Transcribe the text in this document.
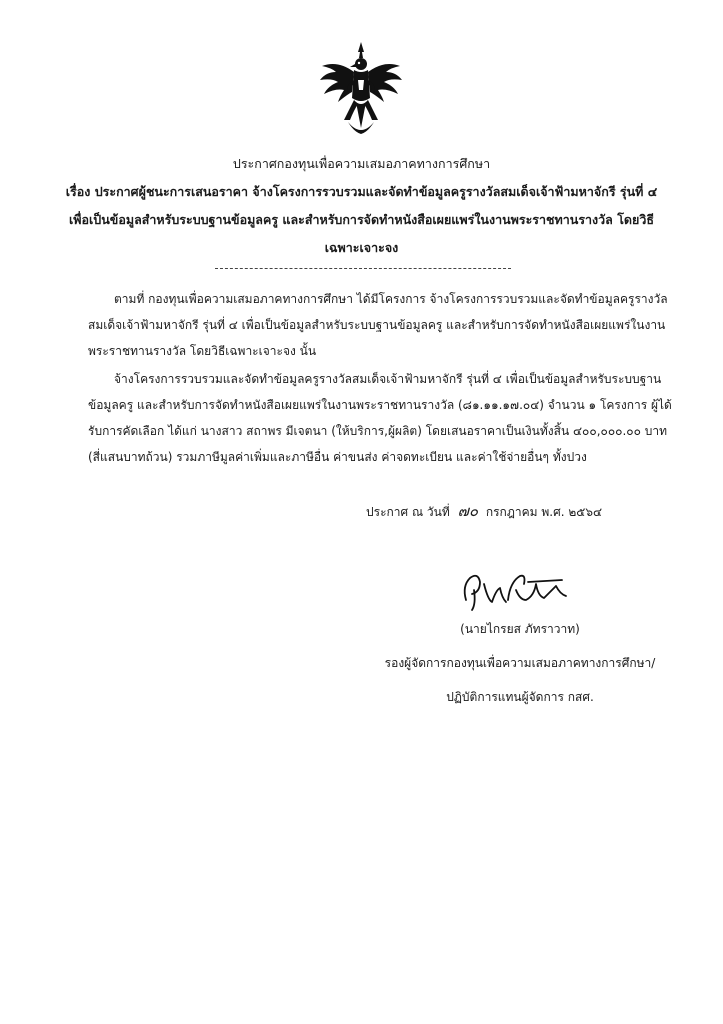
ประกาศกองทุนเพื่อความเสมอภาคทางการศึกษา
เรื่อง ประกาศผู้ชนะการเสนอราคา จ้างโครงการรวบรวมและจัดทำข้อมูลครูรางวัลสมเด็จเจ้าฟ้ามหาจักรี รุ่นที่ ๔
เพื่อเป็นข้อมูลสำหรับระบบฐานข้อมูลครู และสำหรับการจัดทำหนังสือเผยแพร่ในงานพระราชทานรางวัล โดยวิธี
เฉพาะเจาะจง
ตามที่ กองทุนเพื่อความเสมอภาคทางการศึกษา ได้มีโครงการ จ้างโครงการรวบรวมและจัดทำข้อมูลครูรางวัล
สมเด็จเจ้าฟ้ามหาจักรี รุ่นที่ ๔ เพื่อเป็นข้อมูลสำหรับระบบฐานข้อมูลครู และสำหรับการจัดทำหนังสือเผยแพร่ในงาน
พระราชทานรางวัล โดยวิธีเฉพาะเจาะจง นั้น
จ้างโครงการรวบรวมและจัดทำข้อมูลครูรางวัลสมเด็จเจ้าฟ้ามหาจักรี รุ่นที่ ๔ เพื่อเป็นข้อมูลสำหรับระบบฐาน
ข้อมูลครู และสำหรับการจัดทำหนังสือเผยแพร่ในงานพระราชทานรางวัล (๘๑.๑๑.๑๗.๐๔) จำนวน ๑ โครงการ ผู้ได้
รับการคัดเลือก ได้แก่ นางสาว สถาพร มีเจตนา (ให้บริการ,ผู้ผลิต) โดยเสนอราคาเป็นเงินทั้งสิ้น ๔๐๐,๐๐๐.๐๐ บาท
(สี่แสนบาทถ้วน) รวมภาษีมูลค่าเพิ่มและภาษีอื่น ค่าขนส่ง ค่าจดทะเบียน และค่าใช้จ่ายอื่นๆ ทั้งปวง
ประกาศ ณ วันที่ ๗๐ กรกฎาคม พ.ศ. ๒๕๖๔
(นายไกรยส ภัทราวาท)
รองผู้จัดการกองทุนเพื่อความเสมอภาคทางการศึกษา/
ปฏิบัติการแทนผู้จัดการ กสศ.
